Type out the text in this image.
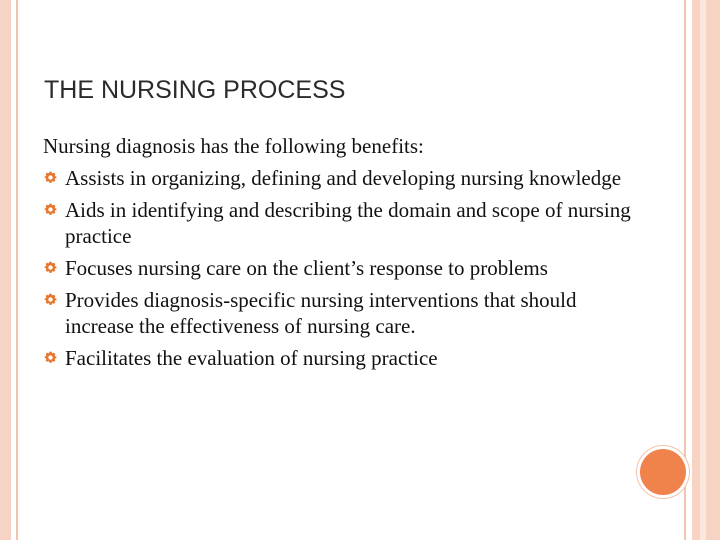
THE NURSING PROCESS

Nursing diagnosis has the following benefits:

Assists in organizing, defining and developing nursing knowledge
Aids in identifying and describing the domain and scope of nursing practice
Focuses nursing care on the client’s response to problems
Provides diagnosis-specific nursing interventions that should increase the effectiveness of nursing care.
Facilitates the evaluation of nursing practice
